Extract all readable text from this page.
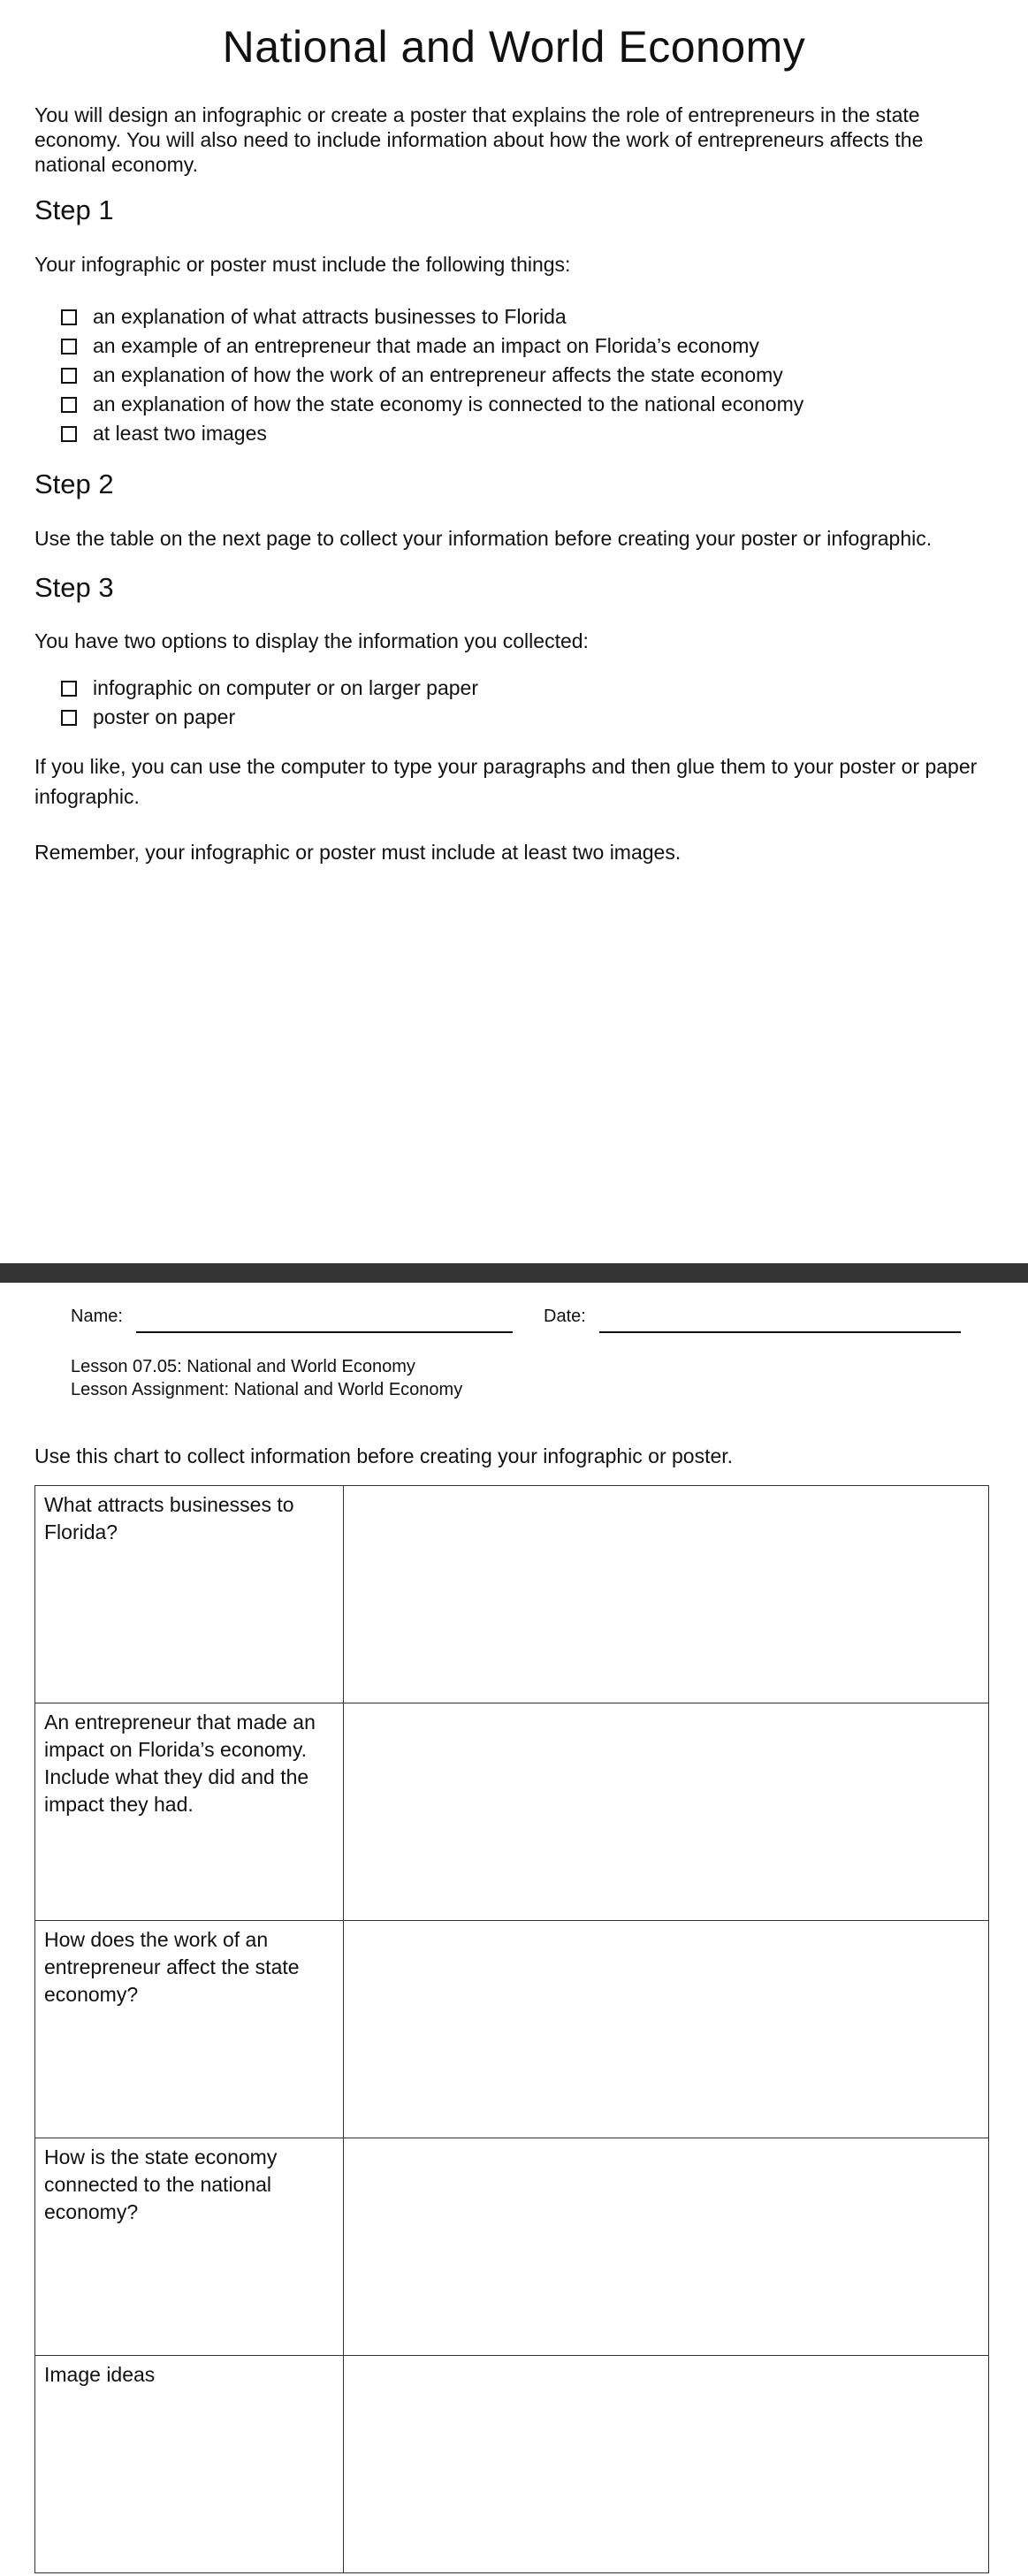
National and World Economy

You will design an infographic or create a poster that explains the role of entrepreneurs in the state economy. You will also need to include information about how the work of entrepreneurs affects the national economy.

Step 1

Your infographic or poster must include the following things:

an explanation of what attracts businesses to Florida
an example of an entrepreneur that made an impact on Florida’s economy
an explanation of how the work of an entrepreneur affects the state economy
an explanation of how the state economy is connected to the national economy
at least two images
Step 2

Use the table on the next page to collect your information before creating your poster or infographic.

Step 3

You have two options to display the information you collected:

infographic on computer or on larger paper
poster on paper

If you like, you can use the computer to type your paragraphs and then glue them to your poster or paper infographic.

Remember, your infographic or poster must include at least two images.

Name:	Date:
Lesson 07.05: National and World Economy
Lesson Assignment: National and World Economy

Use this chart to collect information before creating your infographic or poster.

What attracts businesses to Florida?	
An entrepreneur that made an impact on Florida’s economy. Include what they did and the impact they had.	
How does the work of an entrepreneur affect the state economy?	
How is the state economy connected to the national economy?	
Image ideas	
